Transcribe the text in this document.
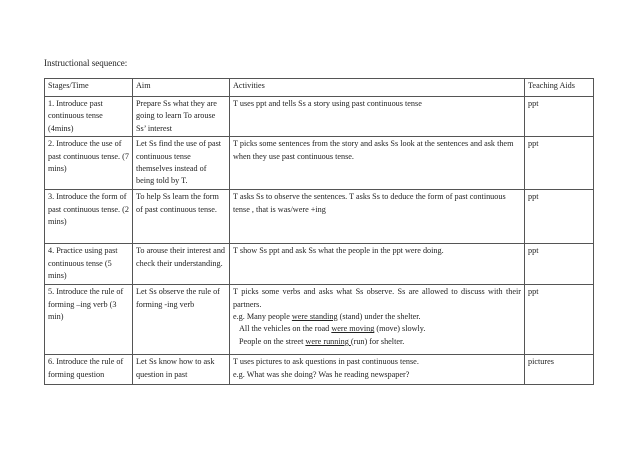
Instructional sequence:
Stages/Time	Aim	Activities	Teaching Aids
1. Introduce past continuous tense (4mins)	Prepare Ss what they are going to learn To arouse Ss’ interest	T uses ppt and tells Ss a story using past continuous tense	ppt
2. Introduce the use of past continuous tense. (7 mins)	Let Ss find the use of past continuous tense themselves instead of being told by T.	T picks some sentences from the story and asks Ss look at the sentences and ask them when they use past continuous tense.	ppt
3. Introduce the form of past continuous tense. (2 mins)	To help Ss learn the form of past continuous tense.	T asks Ss to observe the sentences. T asks Ss to deduce the form of past continuous tense , that is was/were +ing	ppt
4. Practice using past continuous tense (5 mins)	To arouse their interest and check their understanding.	T show Ss ppt and ask Ss what the people in the ppt were doing.	ppt
5. Introduce the rule of forming –ing verb (3 min)	Let Ss observe the rule of forming -ing verb	T picks some verbs and asks what Ss observe. Ss are allowed to discuss with their partners.
e.g. Many people were standing (stand) under the shelter.
All the vehicles on the road were moving (move) slowly.
People on the street were running (run) for shelter.	ppt
6. Introduce the rule of forming question	Let Ss know how to ask question in past	T uses pictures to ask questions in past continuous tense.
e.g. What was she doing? Was he reading newspaper?	pictures
